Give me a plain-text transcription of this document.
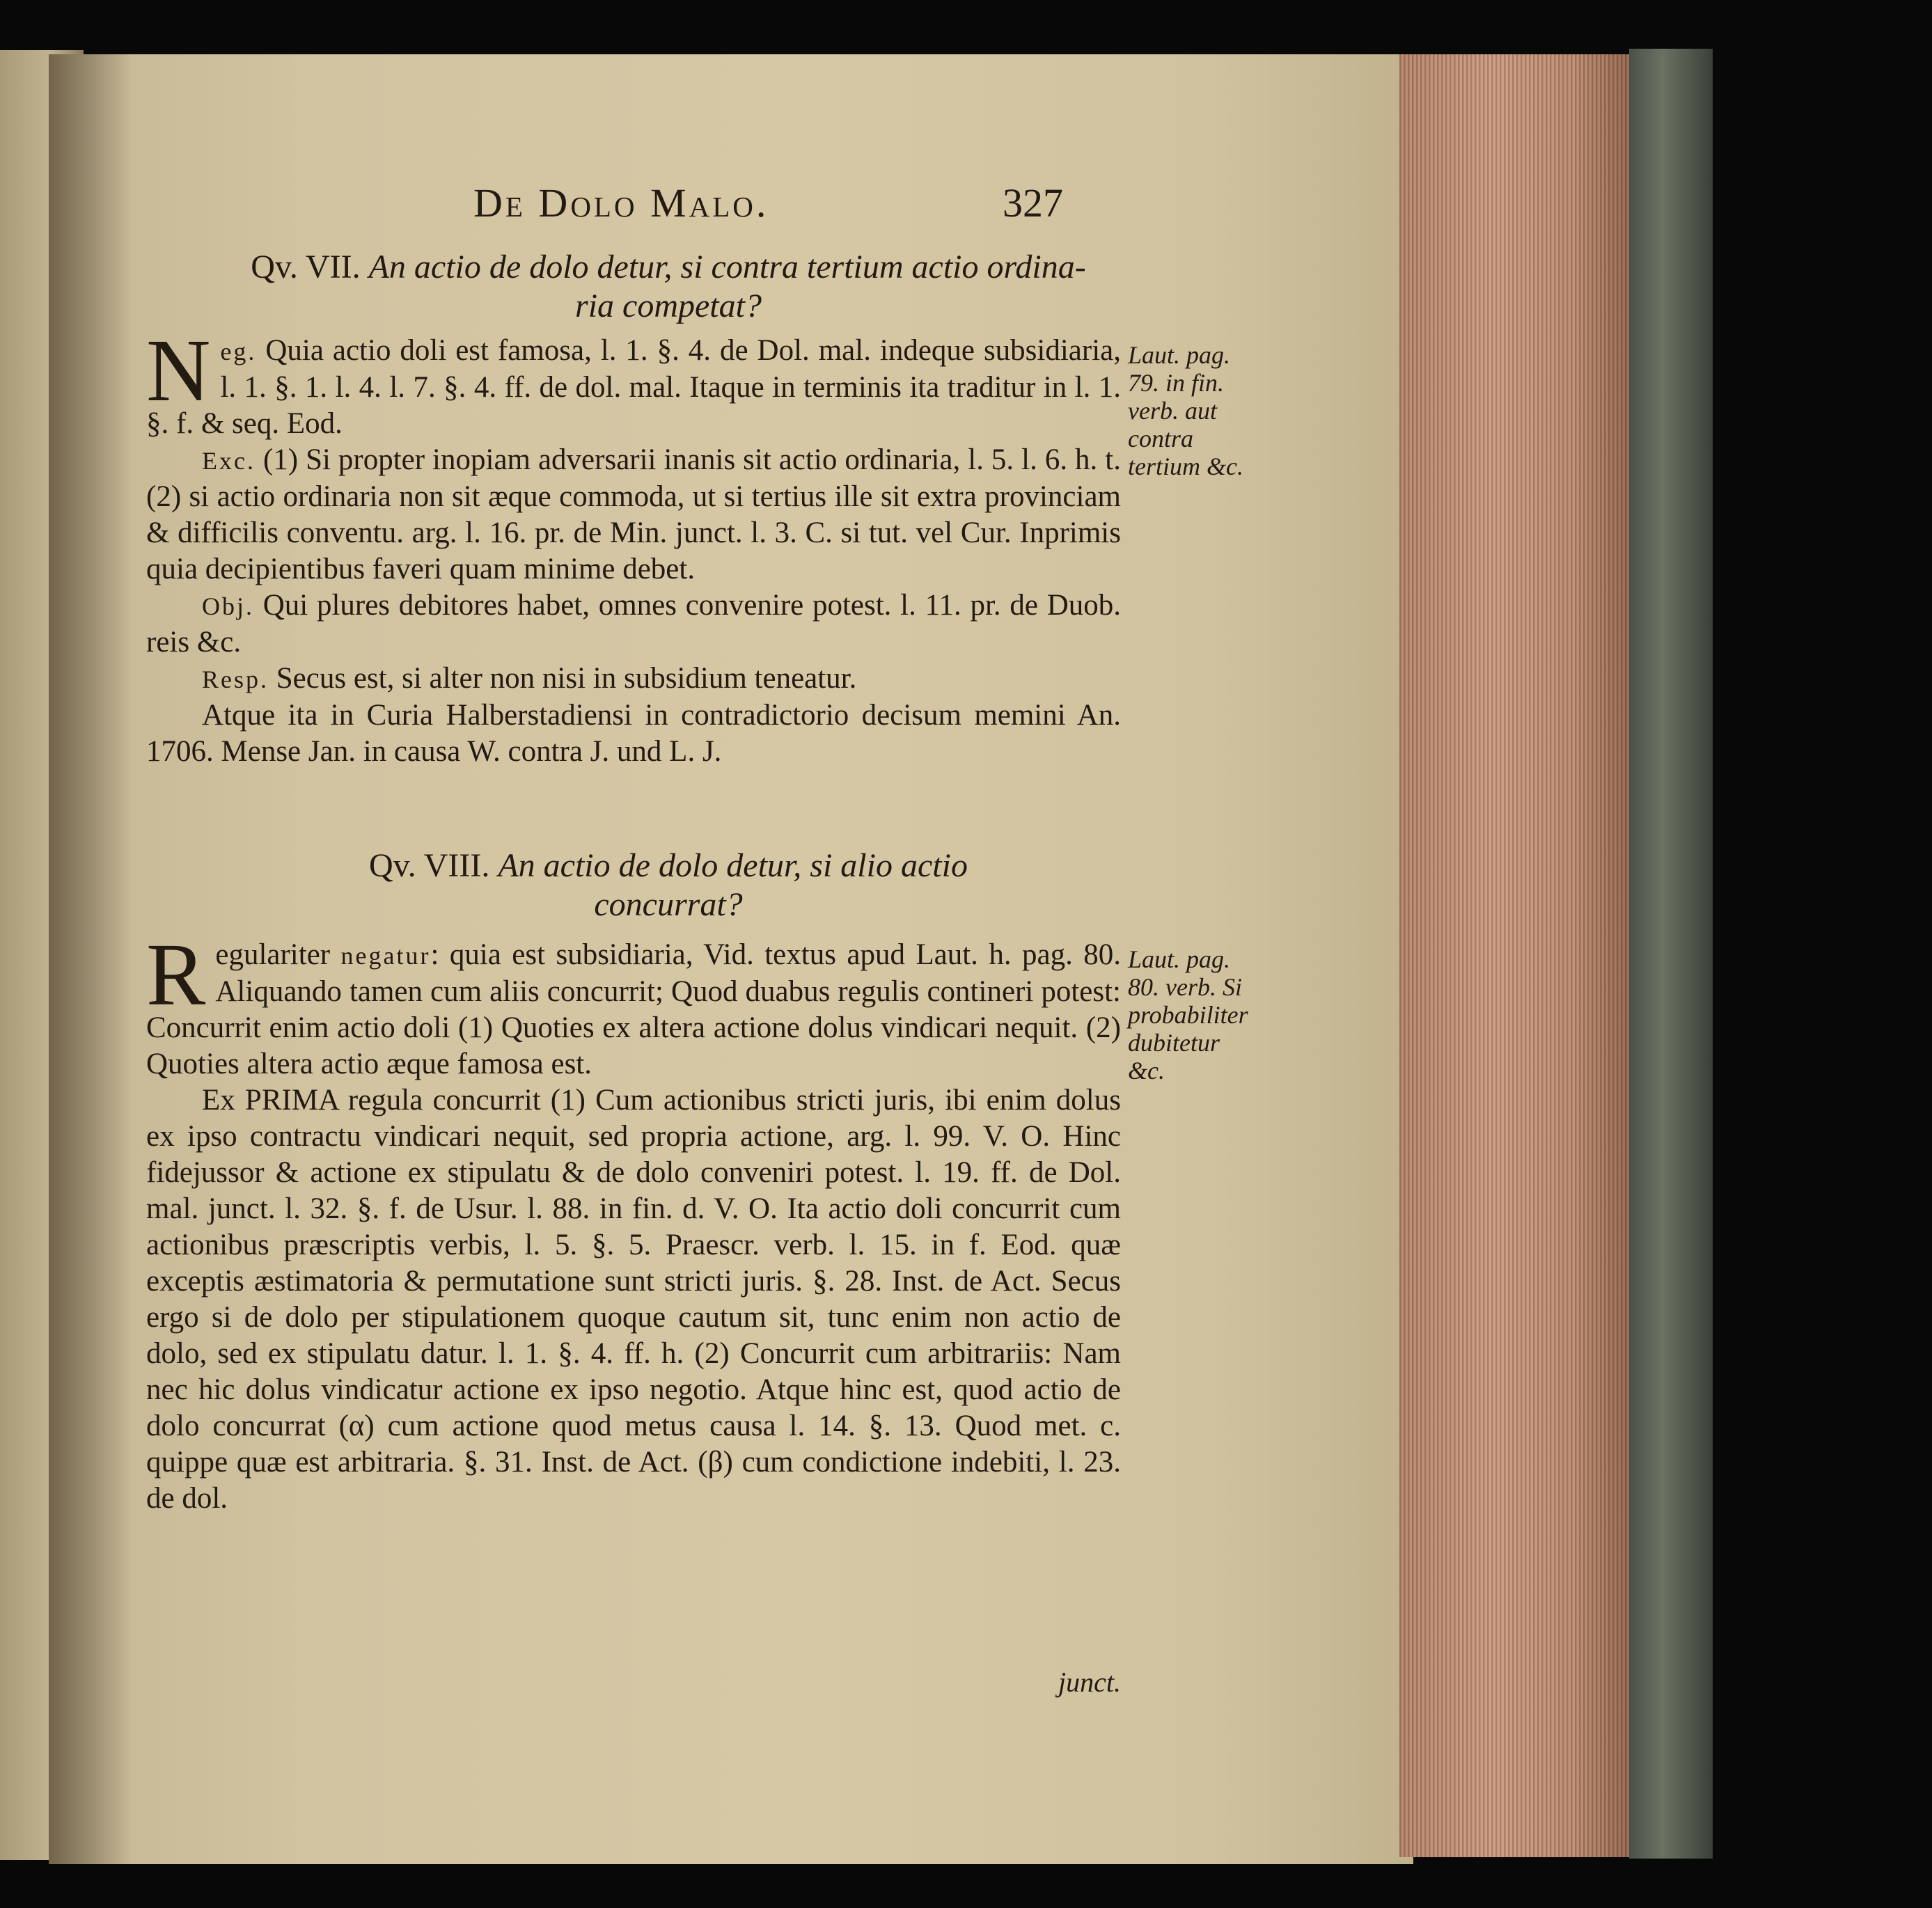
De Dolo Malo.	327
Qv. VII. An actio de dolo detur, si contra tertium actio ordina-
ria competat?

Neg. Quia actio doli est famosa, l. 1. §. 4. de Dol. mal. indeque subsidiaria, l. 1. §. 1. l. 4. l. 7. §. 4. ff. de dol. mal. Itaque in terminis ita traditur in l. 1. §. f. & seq. Eod.

Exc. (1) Si propter inopiam adversarii inanis sit actio ordinaria, l. 5. l. 6. h. t. (2) si actio ordinaria non sit æque commoda, ut si tertius ille sit extra provinciam & difficilis conventu. arg. l. 16. pr. de Min. junct. l. 3. C. si tut. vel Cur. Inprimis quia decipientibus faveri quam minime debet.

Obj. Qui plures debitores habet, omnes convenire potest. l. 11. pr. de Duob. reis &c.

Resp. Secus est, si alter non nisi in subsidium teneatur.

Atque ita in Curia Halberstadiensi in contradictorio decisum memini An. 1706. Mense Jan. in causa W. contra J. und L. J.

Laut. pag. 79. in fin. verb. aut contra tertium &c.
Qv. VIII. An actio de dolo detur, si alio actio
concurrat?

Regulariter negatur: quia est subsidiaria, Vid. textus apud Laut. h. pag. 80. Aliquando tamen cum aliis concurrit; Quod duabus regulis contineri potest: Concurrit enim actio doli (1) Quoties ex altera actione dolus vindicari nequit. (2) Quoties altera actio æque famosa est.

Ex PRIMA regula concurrit (1) Cum actionibus stricti juris, ibi enim dolus ex ipso contractu vindicari nequit, sed propria actione, arg. l. 99. V. O. Hinc fidejussor & actione ex stipulatu & de dolo conveniri potest. l. 19. ff. de Dol. mal. junct. l. 32. §. f. de Usur. l. 88. in fin. d. V. O. Ita actio doli concurrit cum actionibus præscriptis verbis, l. 5. §. 5. Praescr. verb. l. 15. in f. Eod. quæ exceptis æstimatoria & permutatione sunt stricti juris. §. 28. Inst. de Act. Secus ergo si de dolo per stipulationem quoque cautum sit, tunc enim non actio de dolo, sed ex stipulatu datur. l. 1. §. 4. ff. h. (2) Concurrit cum arbitrariis: Nam nec hic dolus vindicatur actione ex ipso negotio. Atque hinc est, quod actio de dolo concurrat (α) cum actione quod metus causa l. 14. §. 13. Quod met. c. quippe quæ est arbitraria. §. 31. Inst. de Act. (β) cum condictione indebiti, l. 23. de dol.

Laut. pag. 80. verb. Si probabiliter dubitetur &c.
junct.
